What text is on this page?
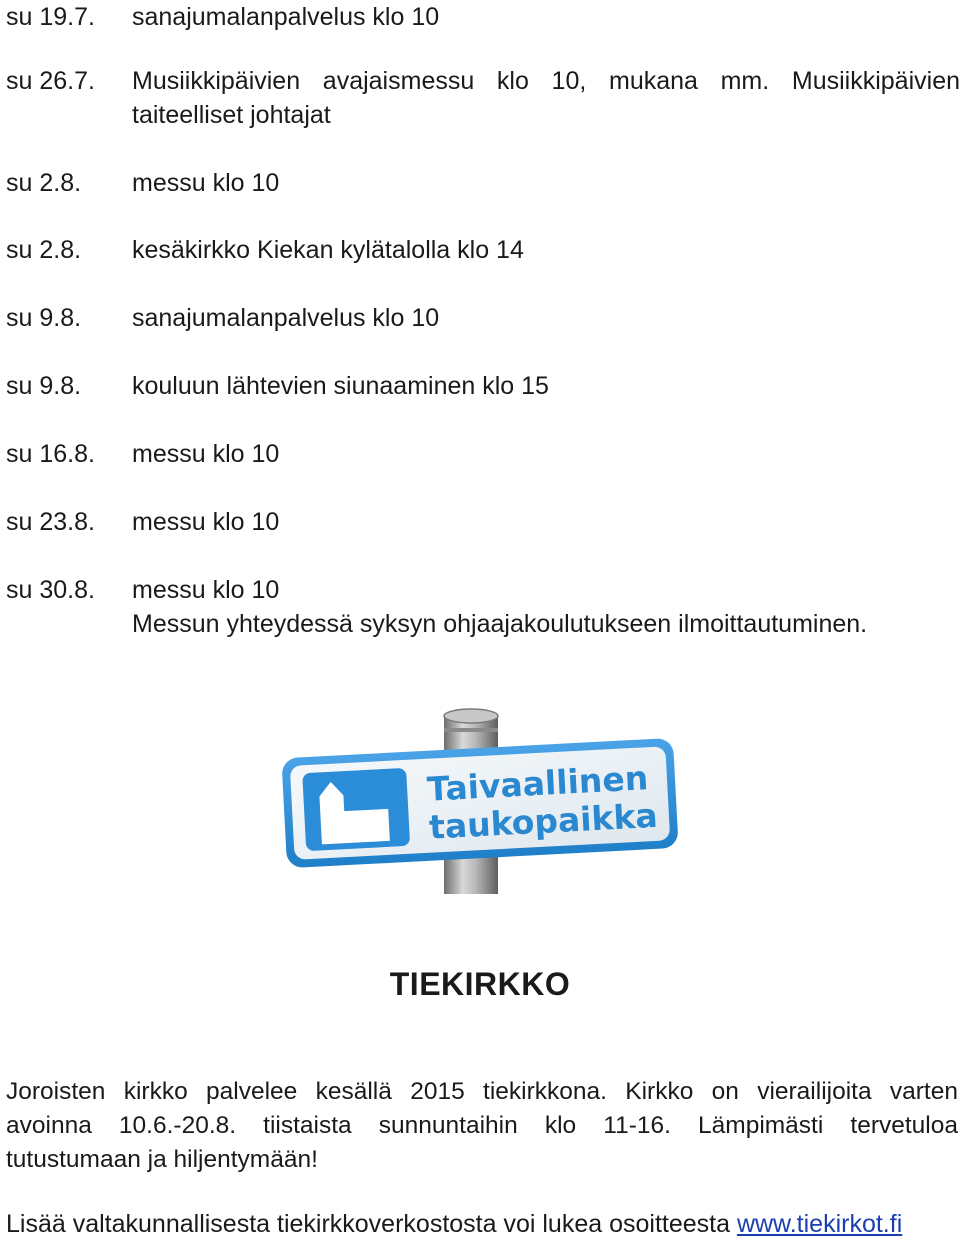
su 19.7.	sanajumalanpalvelus klo 10
su 26.7.	Musiikkipäivien avajaismessu klo 10, mukana mm. Musiikkipäivien
taiteelliset johtajat
su 2.8.	messu klo 10
su 2.8.	kesäkirkko Kiekan kylätalolla klo 14
su 9.8.	sanajumalanpalvelus klo 10
su 9.8.	kouluun lähtevien siunaaminen klo 15
su 16.8.	messu klo 10
su 23.8.	messu klo 10
su 30.8.	messu klo 10
Messun yhteydessä syksyn ohjaajakoulutukseen ilmoittautuminen.
Taivaallinen
taukopaikka
TIEKIRKKO
Joroisten kirkko palvelee kesällä 2015 tiekirkkona. Kirkko on vierailijoita varten
avoinna 10.6.-20.8. tiistaista sunnuntaihin klo 11-16. Lämpimästi tervetuloa
tutustumaan ja hiljentymään!
Lisää valtakunnallisesta tiekirkkoverkostosta voi lukea osoitteesta www.tiekirkot.fi
